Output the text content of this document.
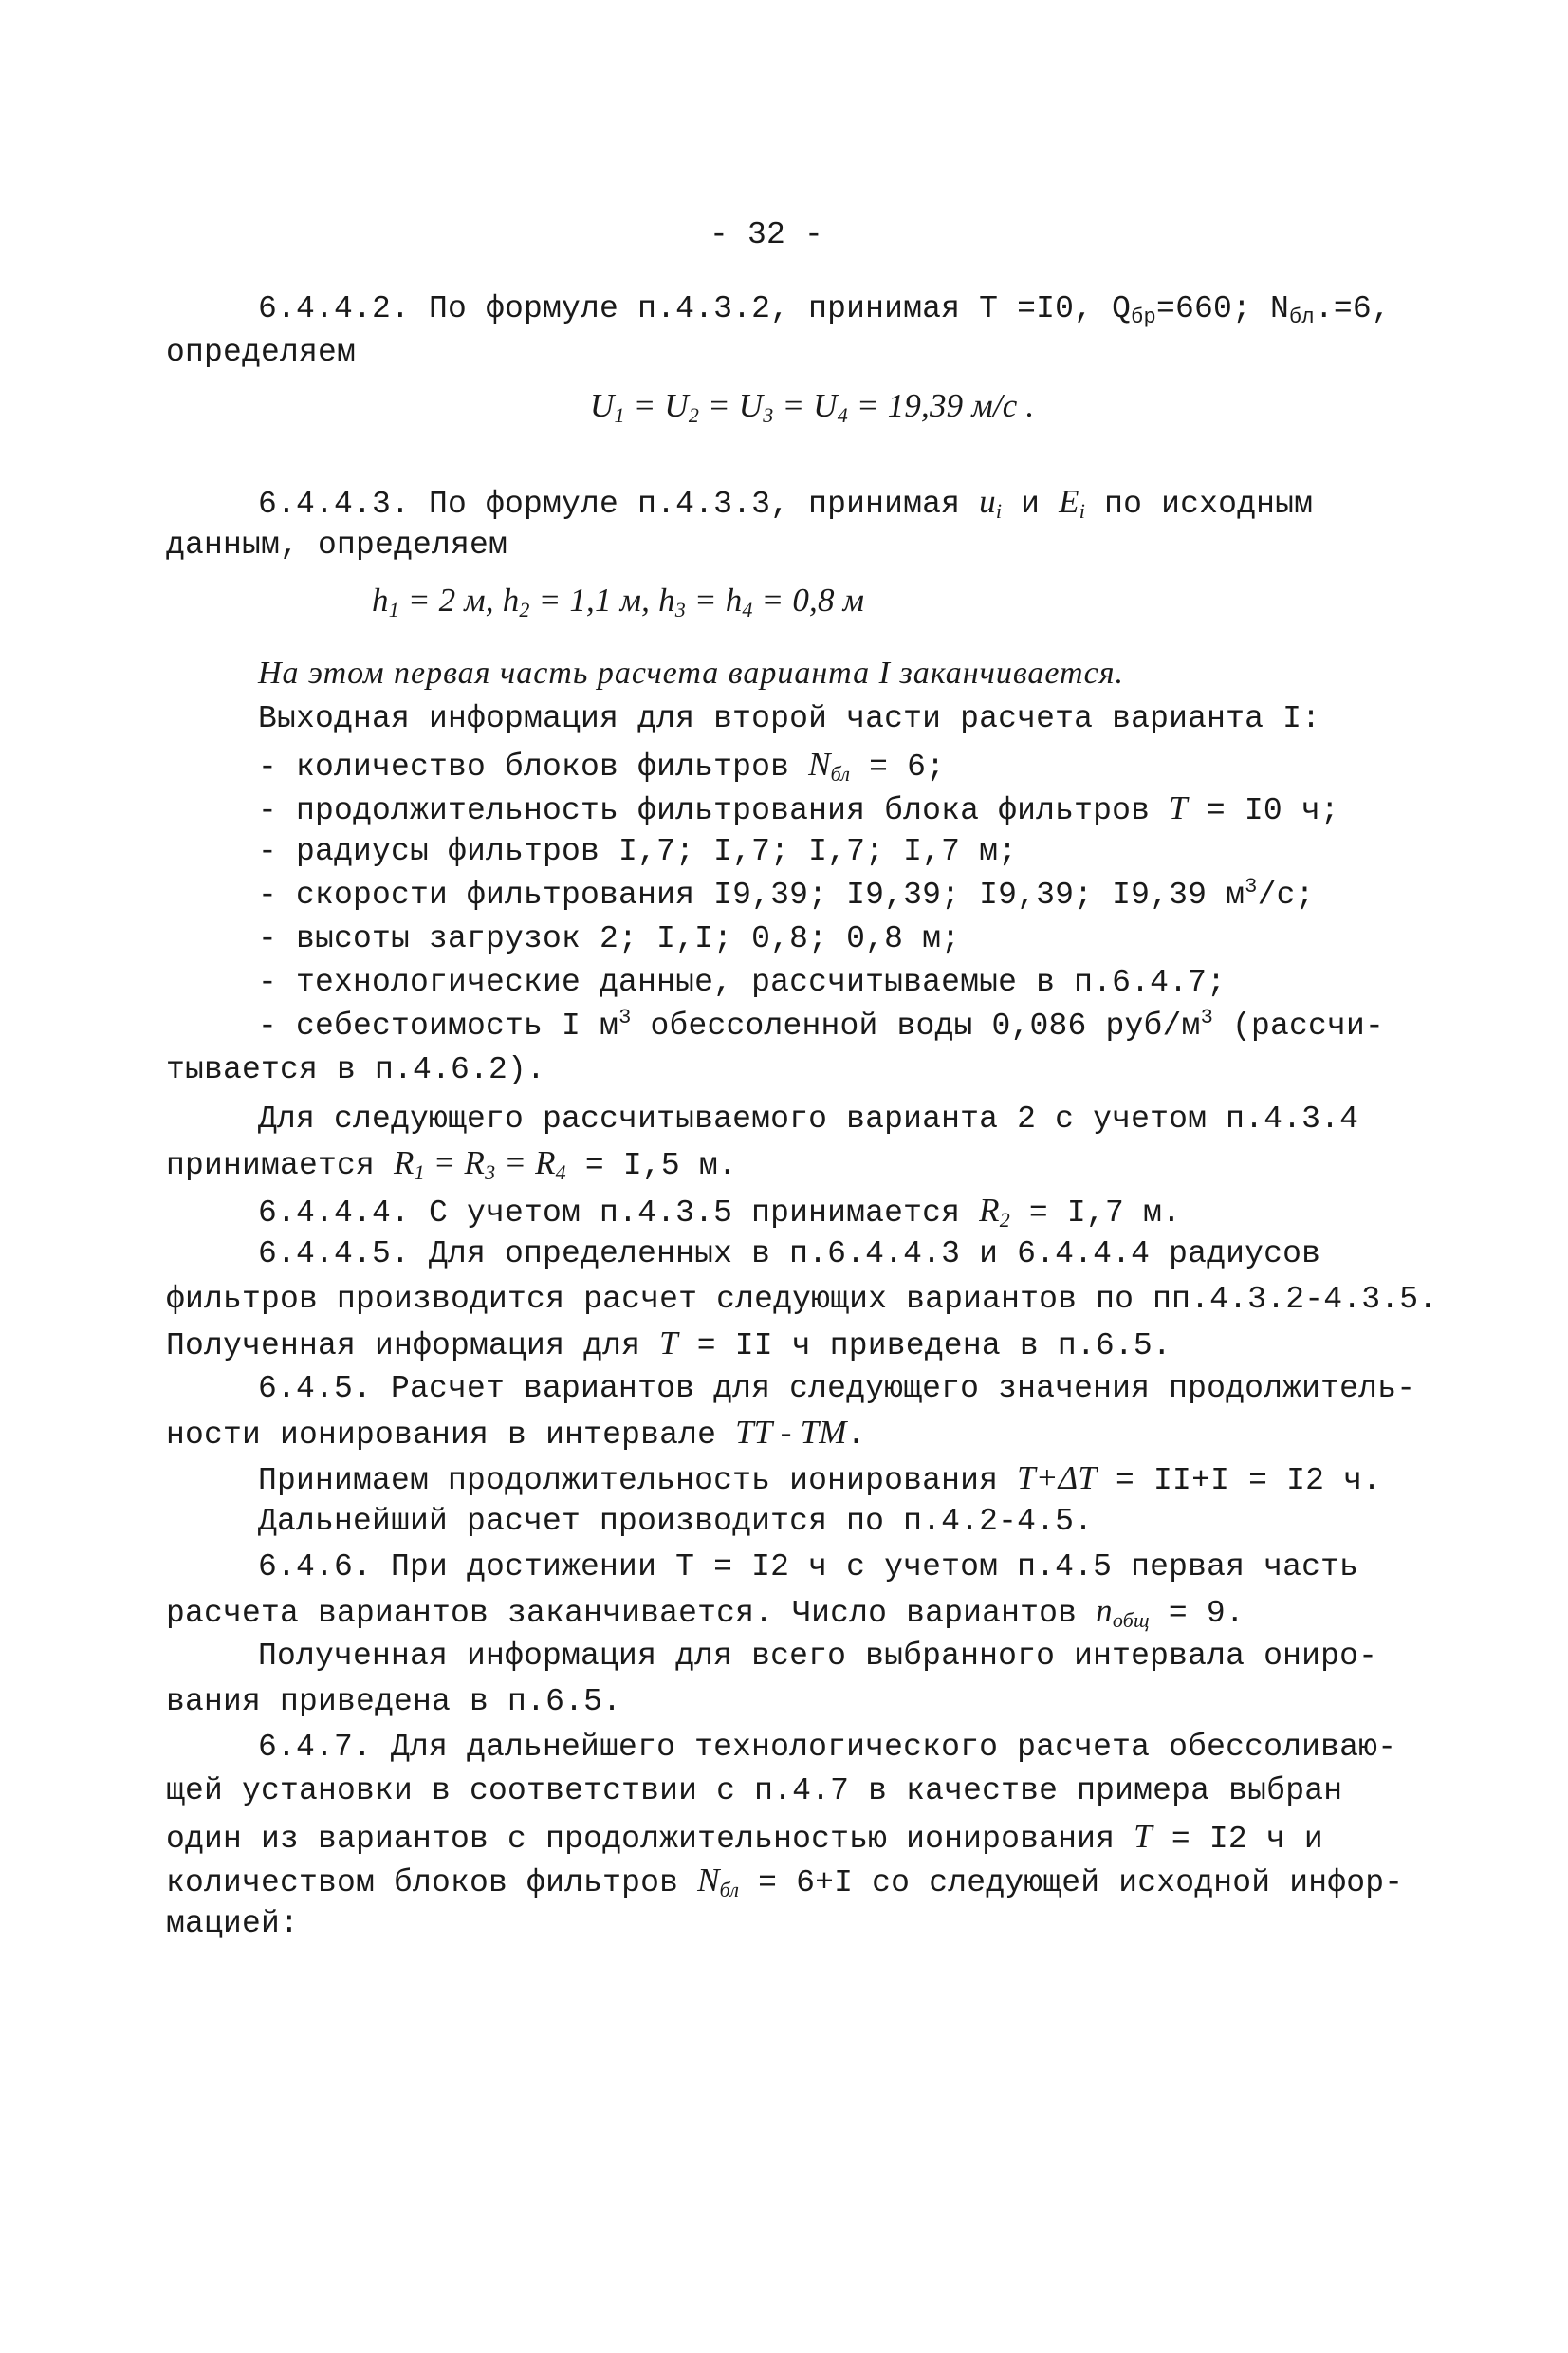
- 32 -
6.4.4.2. По формуле п.4.3.2, принимая T =I0, $Q_{бр}=660$; $N_{бл}.=6$,
определяем
$U_1 = U_2 = U_3 = U_4 = 19,39$ м/с .
6.4.4.3. По формуле п.4.3.3, принимая $u_i$ и $E_i$ по исходным
данным, определяем
$h_1 = 2$ м, $h_2 = 1,1$ м, $h_3 = h_4 = 0,8$ м
На этом первая часть расчета варианта I заканчивается.
Выходная информация для второй части расчета варианта I:
- количество блоков фильтров $N_{бл} = 6$;
- продолжительность фильтрования блока фильтров T = I0 ч;
- радиусы фильтров I,7; I,7; I,7; I,7 м;
- скорости фильтрования I9,39; I9,39; I9,39; I9,39 $м^3/с$;
- высоты загрузок 2; I,I; 0,8; 0,8 м;
- технологические данные, рассчитываемые в п.6.4.7;
- себестоимость I $м^3$ обессоленной воды 0,086 руб/$м^3$ (рассчи-
тывается в п.4.6.2).
Для следующего рассчитываемого варианта 2 с учетом п.4.3.4
принимается $R_1 = R_3 = R_4 = I,5$ м.
6.4.4.4. С учетом п.4.3.5 принимается $R_2 = I,7$ м.
6.4.4.5. Для определенных в п.6.4.4.3 и 6.4.4.4 радиусов
фильтров производится расчет следующих вариантов по пп.4.3.2-4.3.5.
Полученная информация для T = II ч приведена в п.6.5.
6.4.5. Расчет вариантов для следующего значения продолжитель-
ности ионирования в интервале TT - TM.
Принимаем продолжительность ионирования T+ΔT = II+I = I2 ч.
Дальнейший расчет производится по п.4.2-4.5.
6.4.6. При достижении T = I2 ч с учетом п.4.5 первая часть
расчета вариантов заканчивается. Число вариантов $n_{общ} = 9$.
Полученная информация для всего выбранного интервала ониро-
вания приведена в п.6.5.
6.4.7. Для дальнейшего технологического расчета обессоливаю-
щей установки в соответствии с п.4.7 в качестве примера выбран
один из вариантов с продолжительностью ионирования T = I2 ч и
количеством блоков фильтров $N_{бл} = 6+I$ со следующей исходной инфор-
мацией:
